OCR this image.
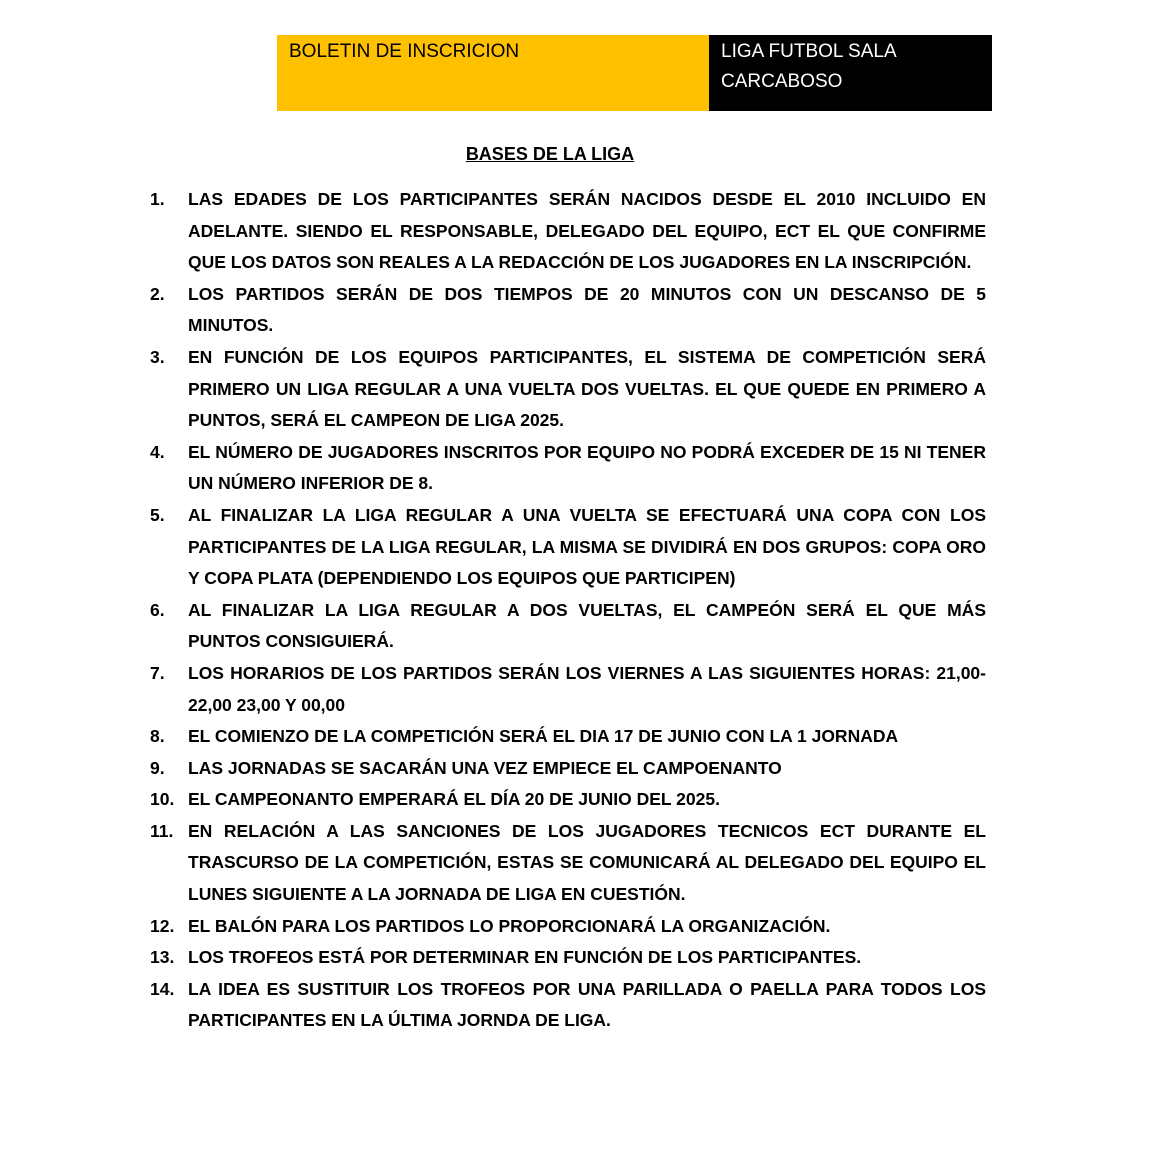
BOLETIN DE INSCRICION	LIGA FUTBOL SALA
CARCABOSO
BASES DE LA LIGA
1.	LAS EDADES DE LOS PARTICIPANTES SERÁN NACIDOS DESDE EL 2010 INCLUIDO EN ADELANTE. SIENDO EL RESPONSABLE, DELEGADO DEL EQUIPO, ECT EL QUE CONFIRME QUE LOS DATOS SON REALES A LA REDACCIÓN DE LOS JUGADORES EN LA INSCRIPCIÓN.
2.	LOS PARTIDOS SERÁN DE DOS TIEMPOS DE 20 MINUTOS CON UN DESCANSO DE 5 MINUTOS.
3.	EN FUNCIÓN DE LOS EQUIPOS PARTICIPANTES, EL SISTEMA DE COMPETICIÓN SERÁ PRIMERO UN LIGA REGULAR A UNA VUELTA DOS VUELTAS. EL QUE QUEDE EN PRIMERO A PUNTOS, SERÁ EL CAMPEON DE LIGA 2025.
4.	EL NÚMERO DE JUGADORES INSCRITOS POR EQUIPO NO PODRÁ EXCEDER DE 15 NI TENER UN NÚMERO INFERIOR DE 8.
5.	AL FINALIZAR LA LIGA REGULAR A UNA VUELTA SE EFECTUARÁ UNA COPA CON LOS PARTICIPANTES DE LA LIGA REGULAR, LA MISMA SE DIVIDIRÁ EN DOS GRUPOS: COPA ORO Y COPA PLATA (DEPENDIENDO LOS EQUIPOS QUE PARTICIPEN)
6.	AL FINALIZAR LA LIGA REGULAR A DOS VUELTAS, EL CAMPEÓN SERÁ EL QUE MÁS PUNTOS CONSIGUIERÁ.
7.	LOS HORARIOS DE LOS PARTIDOS SERÁN LOS VIERNES A LAS SIGUIENTES HORAS: 21,00-22,00 23,00 Y 00,00
8.	EL COMIENZO DE LA COMPETICIÓN SERÁ EL DIA 17 DE JUNIO CON LA 1 JORNADA
9.	LAS JORNADAS SE SACARÁN UNA VEZ EMPIECE EL CAMPOENANTO
10. EL CAMPEONANTO EMPERARÁ EL DÍA 20 DE JUNIO DEL 2025.
11. EN RELACIÓN A LAS SANCIONES DE LOS JUGADORES TECNICOS ECT DURANTE EL TRASCURSO DE LA COMPETICIÓN, ESTAS SE COMUNICARÁ AL DELEGADO DEL EQUIPO EL LUNES SIGUIENTE A LA JORNADA DE LIGA EN CUESTIÓN.
12. EL BALÓN PARA LOS PARTIDOS LO PROPORCIONARÁ LA ORGANIZACIÓN.
13. LOS TROFEOS ESTÁ POR DETERMINAR EN FUNCIÓN DE LOS PARTICIPANTES.
14. LA IDEA ES SUSTITUIR LOS TROFEOS POR UNA PARILLADA O PAELLA PARA TODOS LOS PARTICIPANTES EN LA ÚLTIMA JORNDA DE LIGA.
